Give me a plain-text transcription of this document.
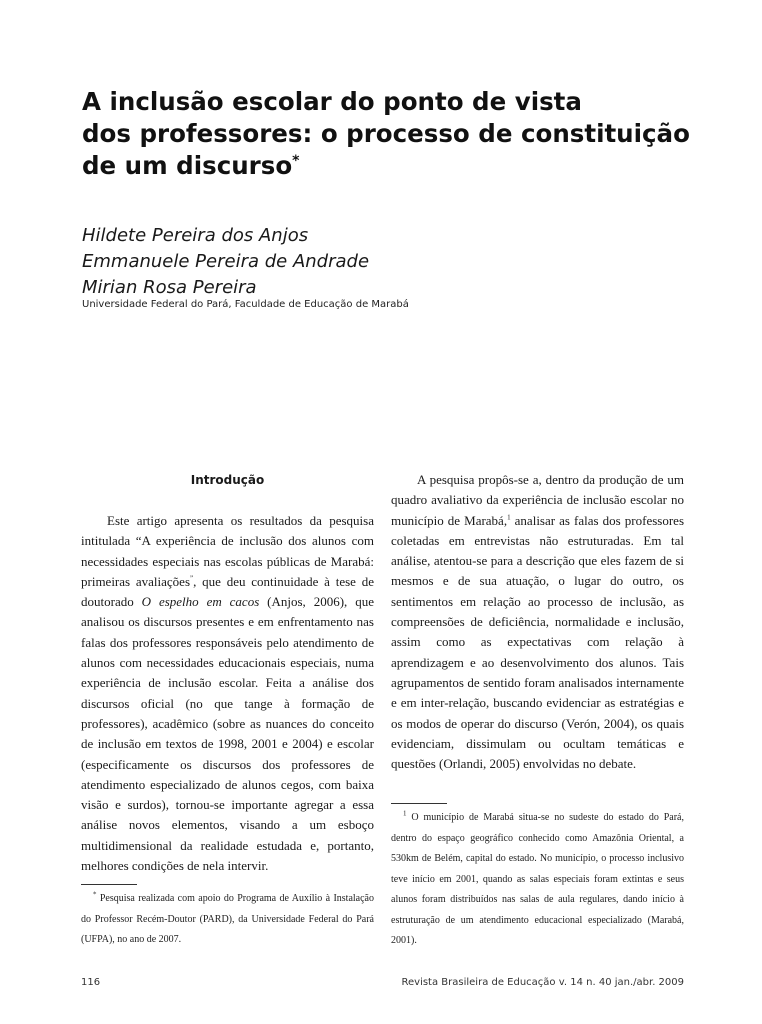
A inclusão escolar do ponto de vista
dos professores: o processo de constituição
de um discurso*
Hildete Pereira dos Anjos
Emmanuele Pereira de Andrade
Mirian Rosa Pereira
Universidade Federal do Pará, Faculdade de Educação de Marabá
Introdução

Este artigo apresenta os resultados da pesquisa intitulada “A experiência de inclusão dos alunos com necessidades especiais nas escolas públicas de Marabá: primeiras avaliações”, que deu continuidade à tese de doutorado O espelho em cacos (Anjos, 2006), que analisou os discursos presentes e em enfrentamento nas falas dos professores responsáveis pelo atendimento de alunos com necessidades educacionais especiais, numa experiência de inclusão escolar. Feita a análise dos discursos oficial (no que tange à formação de professores), acadêmico (sobre as nuances do conceito de inclusão em textos de 1998, 2001 e 2004) e escolar (especificamente os discursos dos professores de atendimento especializado de alunos cegos, com baixa visão e surdos), tornou-se importante agregar a essa análise novos elementos, visando a um esboço multidimensional da realidade estudada e, portanto, melhores condições de nela intervir.

A pesquisa propôs-se a, dentro da produção de um quadro avaliativo da experiência de inclusão escolar no município de Marabá,$^1$ analisar as falas dos professores coletadas em entrevistas não estruturadas. Em tal análise, atentou-se para a descrição que eles fazem de si mesmos e de sua atuação, o lugar do outro, os sentimentos em relação ao processo de inclusão, as compreensões de deficiência, normalidade e inclusão, assim como as expectativas com relação à aprendizagem e ao desenvolvimento dos alunos. Tais agrupamentos de sentido foram analisados internamente e em inter-relação, buscando evidenciar as estratégias e os modos de operar do discurso (Verón, 2004), os quais evidenciam, dissimulam ou ocultam temáticas e questões (Orlandi, 2005) envolvidas no debate.

* Pesquisa realizada com apoio do Programa de Auxílio à Instalação do Professor Recém-Doutor (PARD), da Universidade Federal do Pará (UFPA), no ano de 2007.

$^1$ O município de Marabá situa-se no sudeste do estado do Pará, dentro do espaço geográfico conhecido como Amazônia Oriental, a 530km de Belém, capital do estado. No município, o processo inclusivo teve início em 2001, quando as salas especiais foram extintas e seus alunos foram distribuídos nas salas de aula regulares, dando início à estruturação de um atendimento educacional especializado (Marabá, 2001).

116	Revista Brasileira de Educação v. 14 n. 40 jan./abr. 2009
